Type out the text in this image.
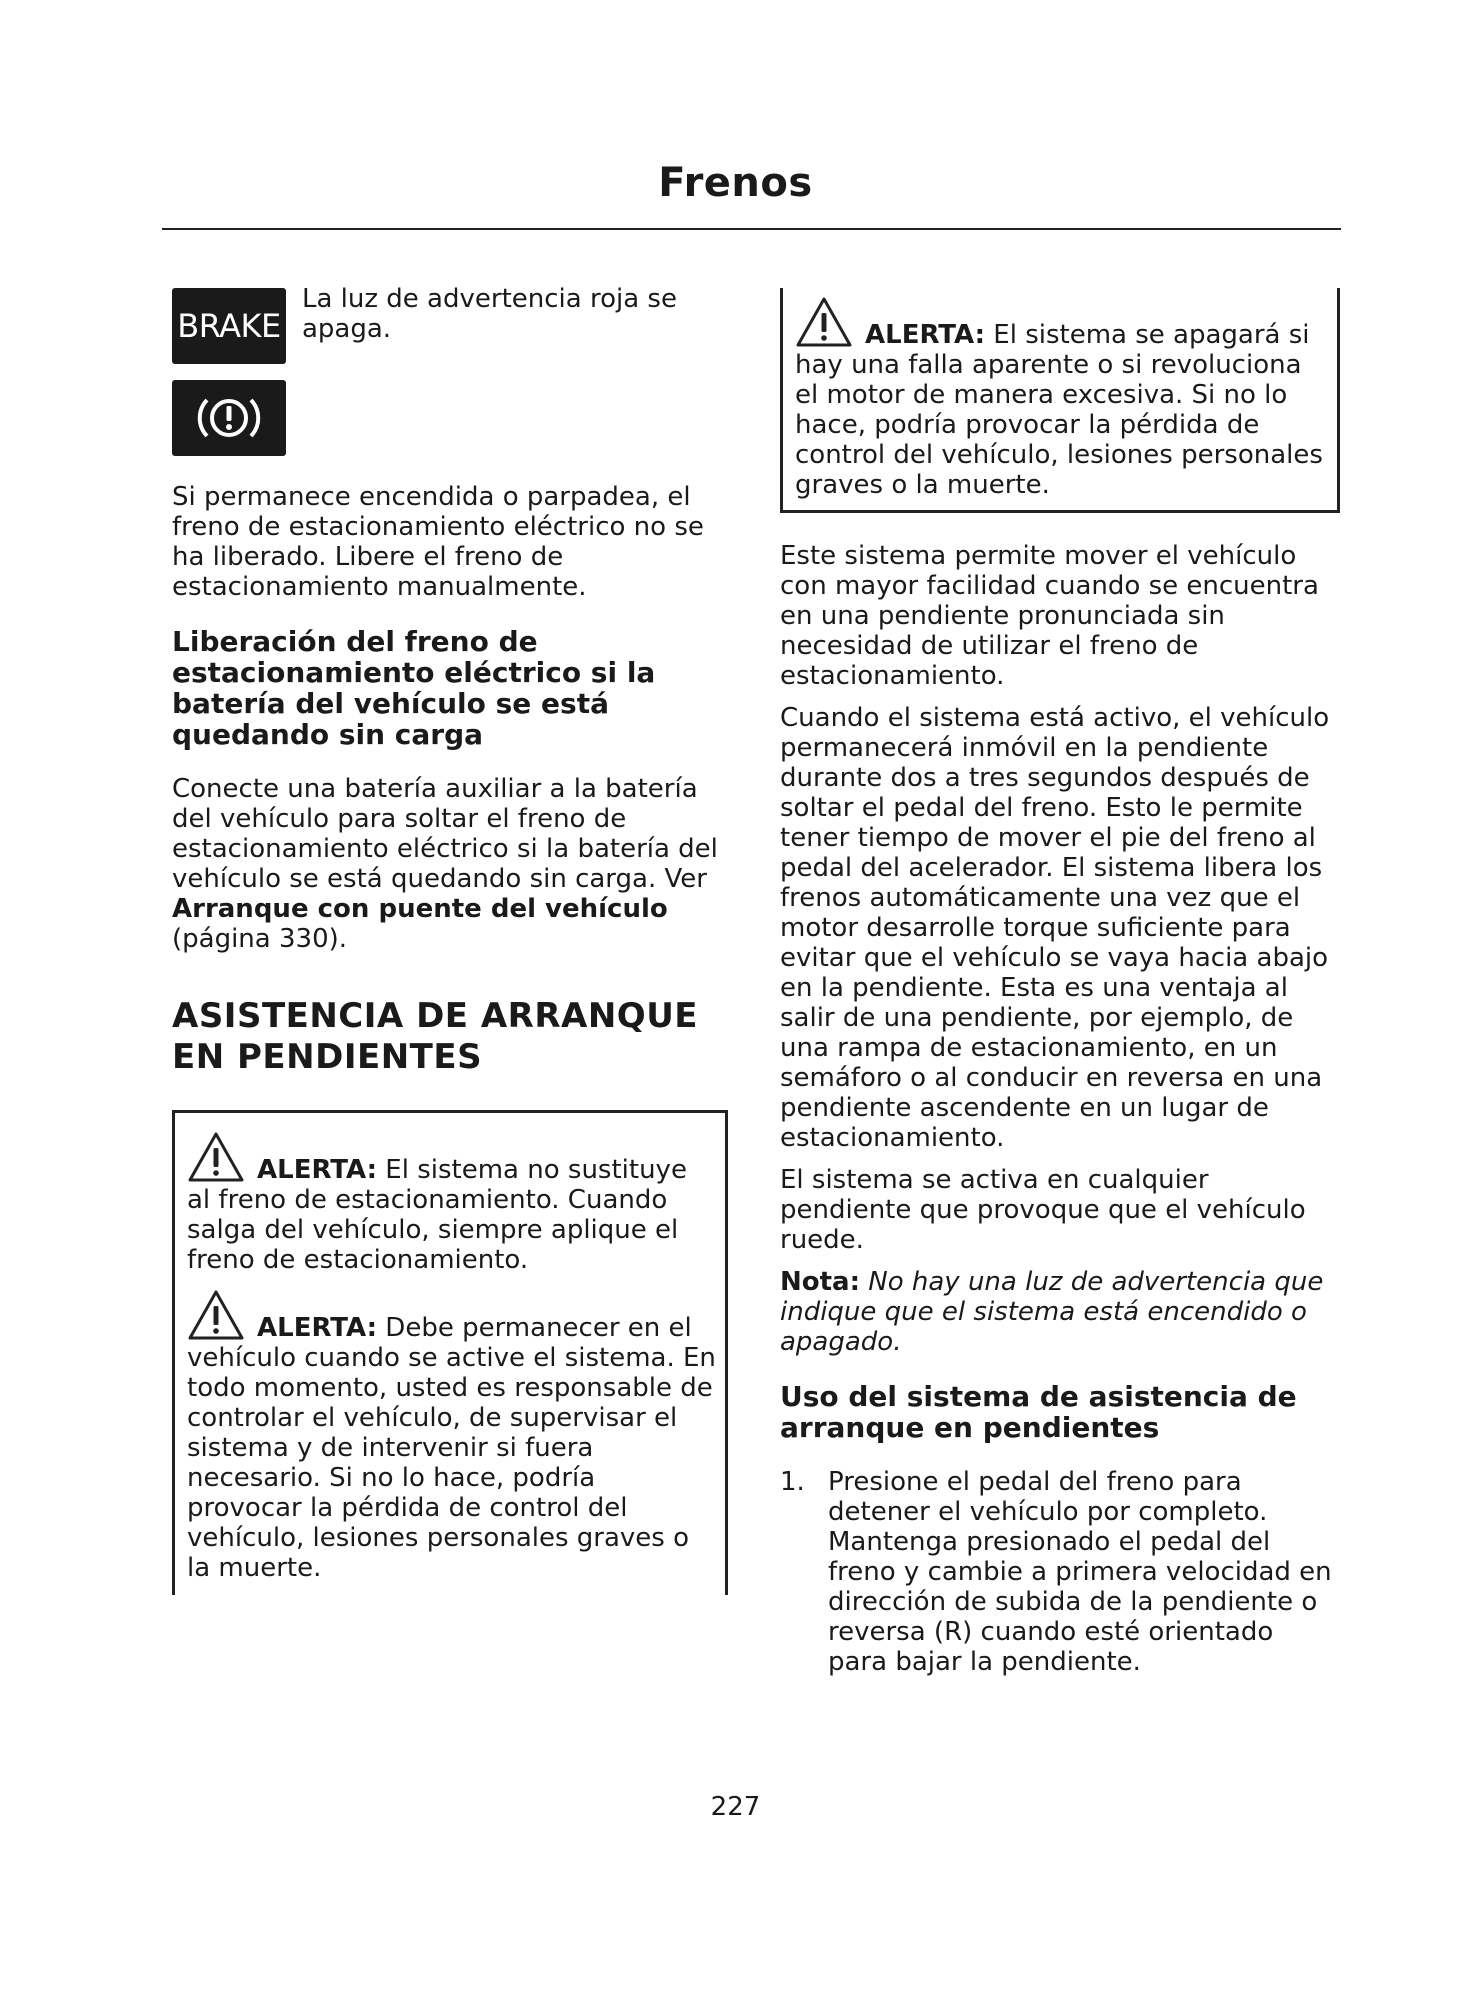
Frenos
BRAKE

La luz de advertencia roja se apaga.

Si permanece encendida o parpadea, el freno de estacionamiento eléctrico no se ha liberado. Libere el freno de estacionamiento manualmente.

Liberación del freno de estacionamiento eléctrico si la batería del vehículo se está quedando sin carga

Conecte una batería auxiliar a la batería del vehículo para soltar el freno de estacionamiento eléctrico si la batería del vehículo se está quedando sin carga. Ver Arranque con puente del vehículo (página 330).

ASISTENCIA DE ARRANQUE EN PENDIENTES

ALERTA: El sistema no sustituye al freno de estacionamiento. Cuando salga del vehículo, siempre aplique el freno de estacionamiento.

ALERTA: Debe permanecer en el vehículo cuando se active el sistema. En todo momento, usted es responsable de controlar el vehículo, de supervisar el sistema y de intervenir si fuera necesario. Si no lo hace, podría provocar la pérdida de control del vehículo, lesiones personales graves o la muerte.

ALERTA: El sistema se apagará si hay una falla aparente o si revoluciona el motor de manera excesiva. Si no lo hace, podría provocar la pérdida de control del vehículo, lesiones personales graves o la muerte.

Este sistema permite mover el vehículo con mayor facilidad cuando se encuentra en una pendiente pronunciada sin necesidad de utilizar el freno de estacionamiento.

Cuando el sistema está activo, el vehículo permanecerá inmóvil en la pendiente durante dos a tres segundos después de soltar el pedal del freno. Esto le permite tener tiempo de mover el pie del freno al pedal del acelerador. El sistema libera los frenos automáticamente una vez que el motor desarrolle torque suficiente para evitar que el vehículo se vaya hacia abajo en la pendiente. Esta es una ventaja al salir de una pendiente, por ejemplo, de una rampa de estacionamiento, en un semáforo o al conducir en reversa en una pendiente ascendente en un lugar de estacionamiento.

El sistema se activa en cualquier pendiente que provoque que el vehículo ruede.

Nota: No hay una luz de advertencia que indique que el sistema está encendido o apagado.

Uso del sistema de asistencia de arranque en pendientes

1. Presione el pedal del freno para detener el vehículo por completo. Mantenga presionado el pedal del freno y cambie a primera velocidad en dirección de subida de la pendiente o reversa (R) cuando esté orientado para bajar la pendiente.

227
